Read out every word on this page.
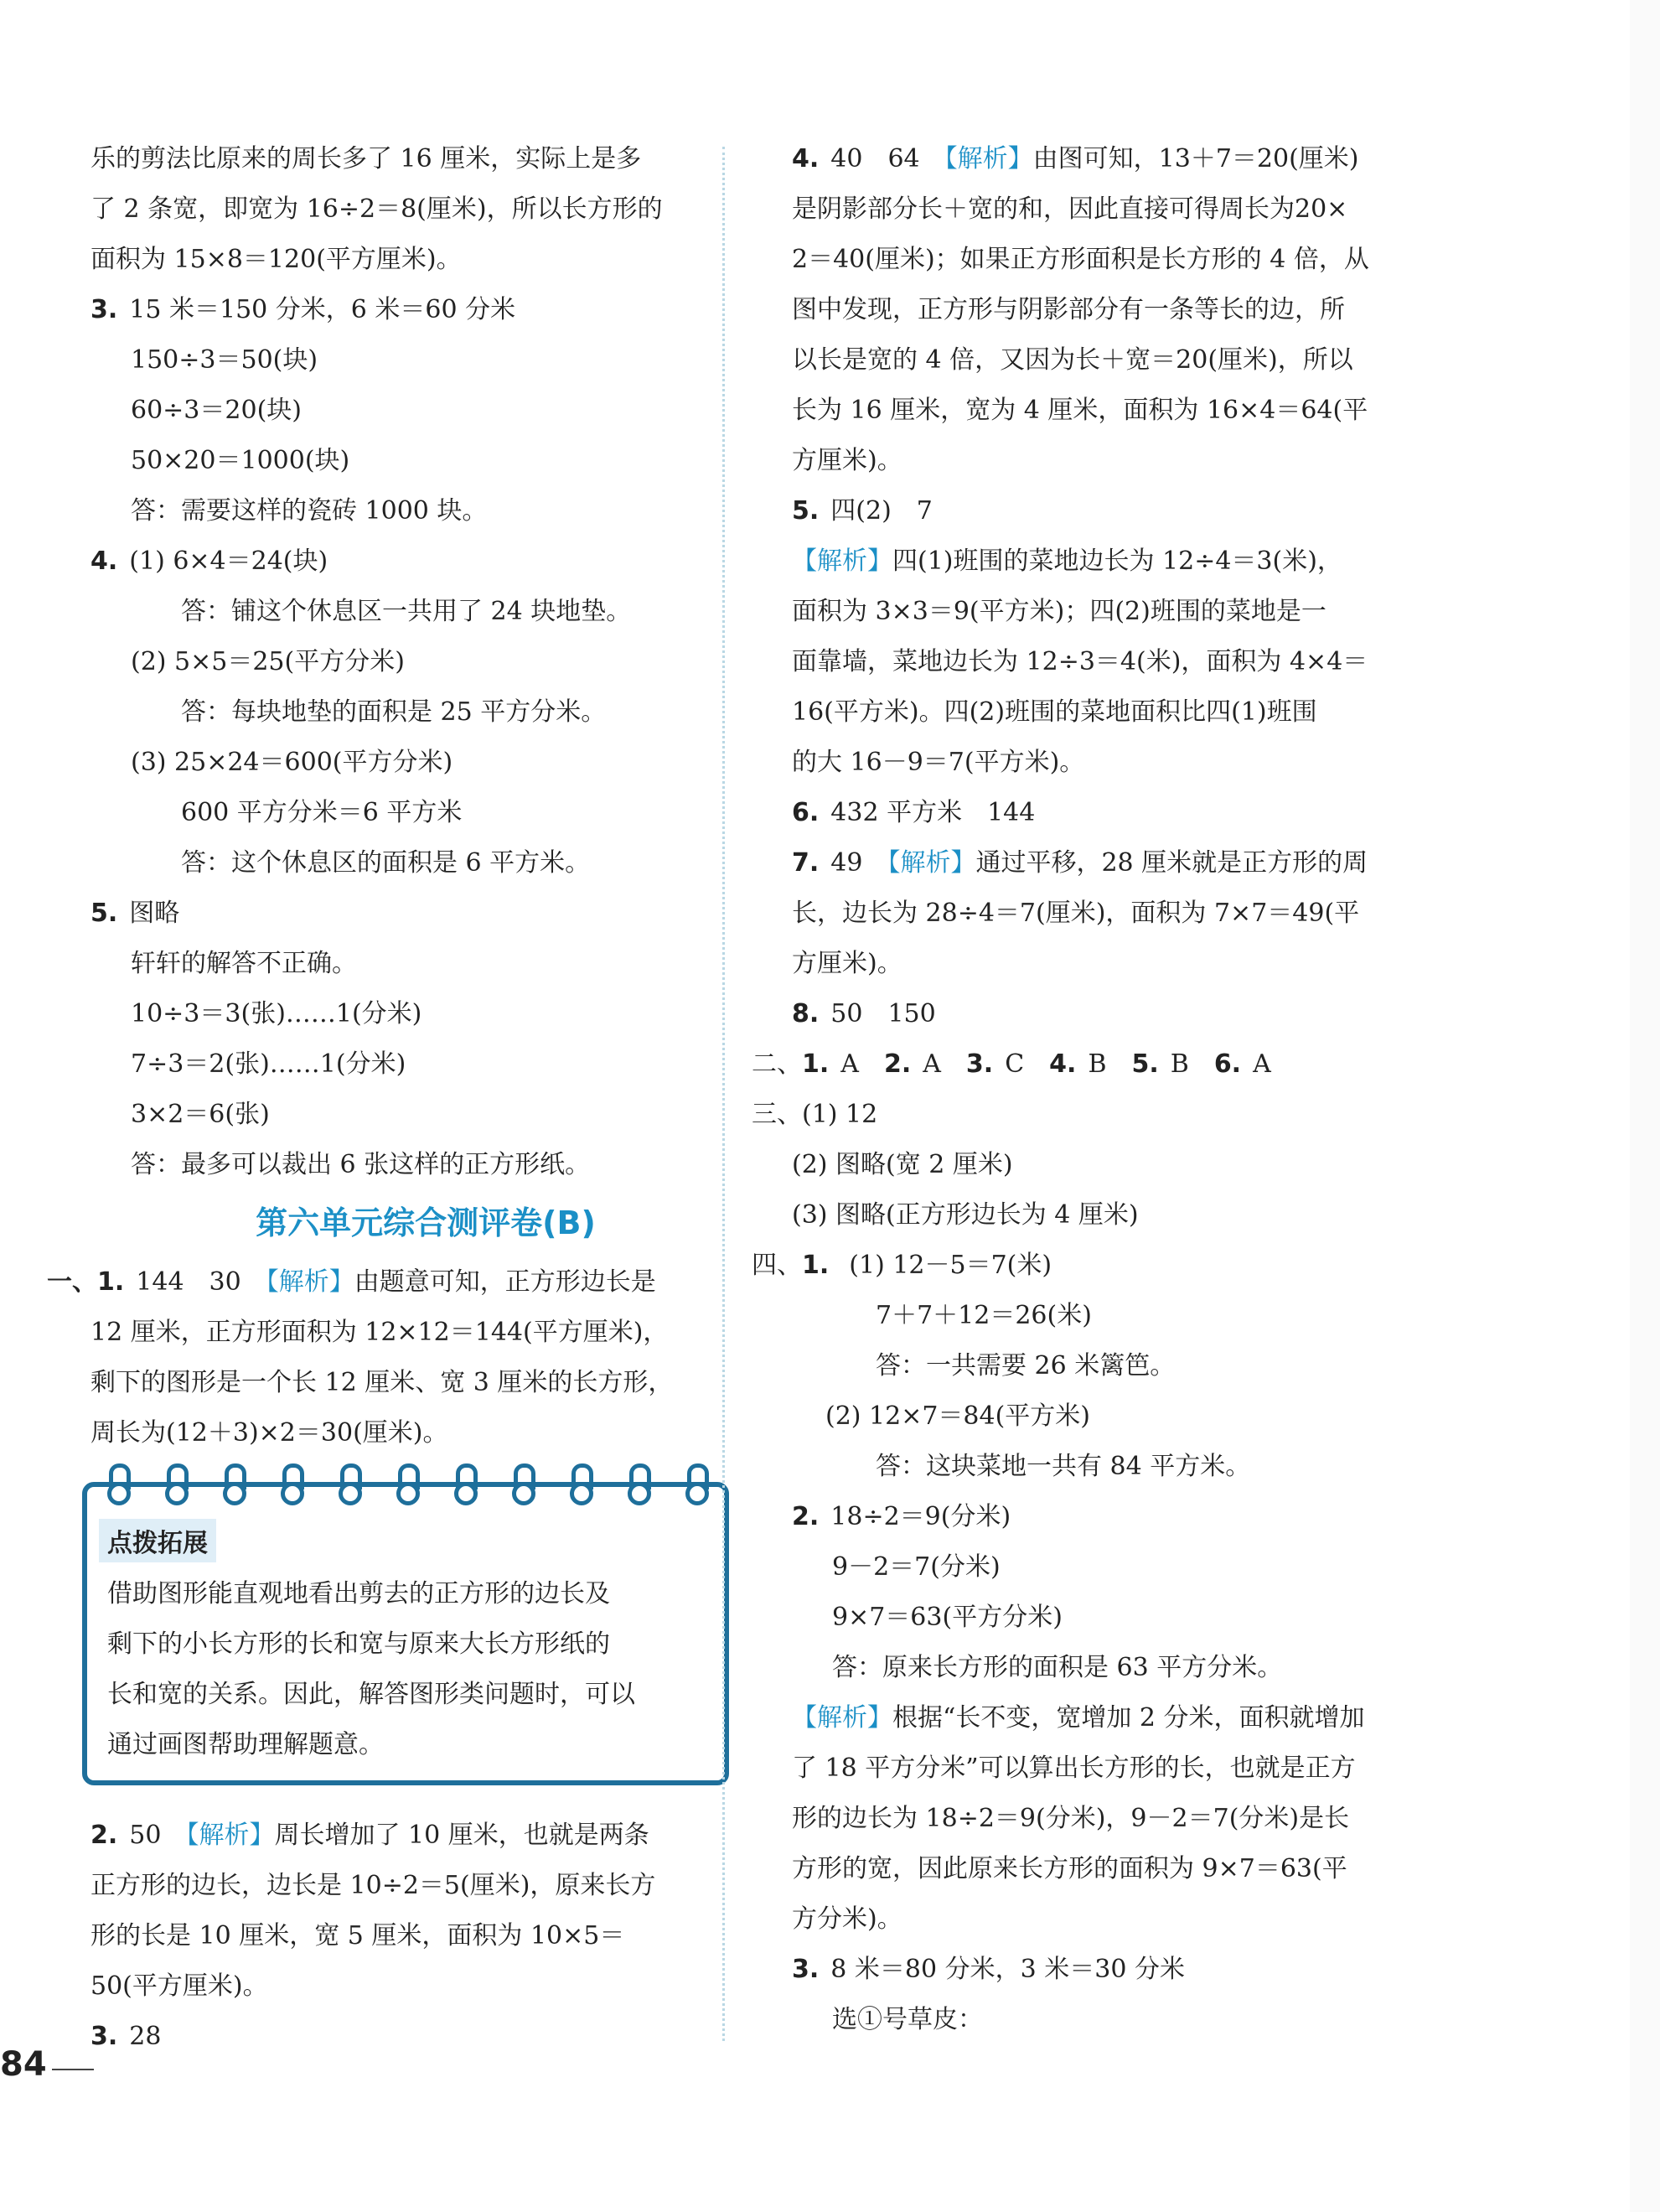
乐的剪法比原来的周长多了 16 厘米，实际上是多

了 2 条宽，即宽为 16÷2＝8(厘米)，所以长方形的

面积为 15×8＝120(平方厘米)。

3. 15 米＝150 分米，6 米＝60 分米

150÷3＝50(块)

60÷3＝20(块)

50×20＝1000(块)

答：需要这样的瓷砖 1000 块。

4. (1) 6×4＝24(块)

答：铺这个休息区一共用了 24 块地垫。

(2) 5×5＝25(平方分米)

答：每块地垫的面积是 25 平方分米。

(3) 25×24＝600(平方分米)

600 平方分米＝6 平方米

答：这个休息区的面积是 6 平方米。

5. 图略

轩轩的解答不正确。

10÷3＝3(张)……1(分米)

7÷3＝2(张)……1(分米)

3×2＝6(张)

答：最多可以裁出 6 张这样的正方形纸。

第六单元综合测评卷(B)

一、1. 144　30　 【解析】由题意可知，正方形边长是

12 厘米，正方形面积为 12×12＝144(平方厘米)，

剩下的图形是一个长 12 厘米、宽 3 厘米的长方形，

周长为(12＋3)×2＝30(厘米)。

点拨拓展

借助图形能直观地看出剪去的正方形的边长及

剩下的小长方形的长和宽与原来大长方形纸的

长和宽的关系。因此，解答图形类问题时，可以

通过画图帮助理解题意。

2. 50　 【解析】周长增加了 10 厘米，也就是两条

正方形的边长，边长是 10÷2＝5(厘米)，原来长方

形的长是 10 厘米，宽 5 厘米，面积为 10×5＝

50(平方厘米)。

3. 28

4. 40　64　 【解析】由图可知，13＋7＝20(厘米)

是阴影部分长＋宽的和，因此直接可得周长为20×

2＝40(厘米)；如果正方形面积是长方形的 4 倍，从

图中发现，正方形与阴影部分有一条等长的边，所

以长是宽的 4 倍，又因为长＋宽＝20(厘米)，所以

长为 16 厘米，宽为 4 厘米，面积为 16×4＝64(平

方厘米)。

5. 四(2)　7

【解析】四(1)班围的菜地边长为 12÷4＝3(米)，

面积为 3×3＝9(平方米)；四(2)班围的菜地是一

面靠墙，菜地边长为 12÷3＝4(米)，面积为 4×4＝

16(平方米)。四(2)班围的菜地面积比四(1)班围

的大 16－9＝7(平方米)。

6. 432 平方米　144

7. 49　 【解析】通过平移，28 厘米就是正方形的周

长，边长为 28÷4＝7(厘米)，面积为 7×7＝49(平

方厘米)。

8. 50　150

二、1. A　 2. A　 3. C　 4. B　 5. B　 6. A

三、(1) 12

(2) 图略(宽 2 厘米)

(3) 图略(正方形边长为 4 厘米)

四、1. (1) 12－5＝7(米)

7＋7＋12＝26(米)

答：一共需要 26 米篱笆。

(2) 12×7＝84(平方米)

答：这块菜地一共有 84 平方米。

2. 18÷2＝9(分米)

9－2＝7(分米)

9×7＝63(平方分米)

答：原来长方形的面积是 63 平方分米。

【解析】根据“长不变，宽增加 2 分米，面积就增加

了 18 平方分米”可以算出长方形的长，也就是正方

形的边长为 18÷2＝9(分米)，9－2＝7(分米)是长

方形的宽，因此原来长方形的面积为 9×7＝63(平

方分米)。

3. 8 米＝80 分米，3 米＝30 分米

选①号草皮：

84
